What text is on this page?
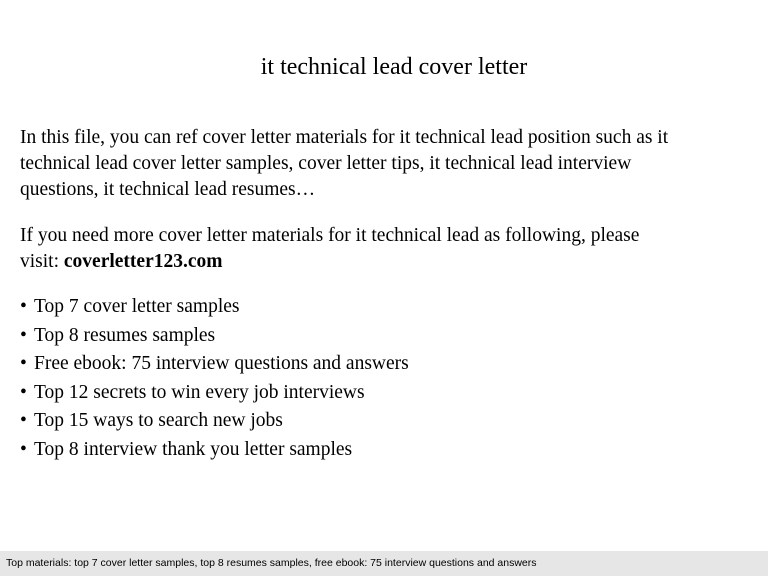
it technical lead cover letter

In this file, you can ref cover letter materials for it technical lead position such as it
technical lead cover letter samples, cover letter tips, it technical lead interview
questions, it technical lead resumes…

If you need more cover letter materials for it technical lead as following, please
visit: coverletter123.com

• Top 7 cover letter samples
• Top 8 resumes samples
• Free ebook: 75 interview questions and answers
• Top 12 secrets to win every job interviews
• Top 15 ways to search new jobs
• Top 8 interview thank you letter samples
Top materials: top 7 cover letter samples, top 8 resumes samples, free ebook: 75 interview questions and answers
